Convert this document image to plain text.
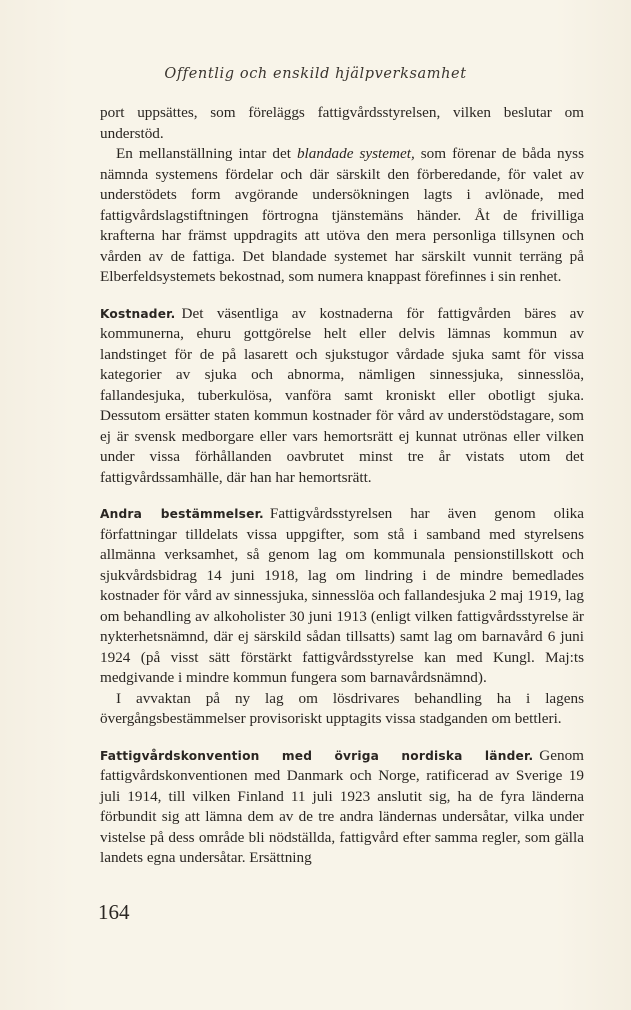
Offentlig och enskild hjälpverksamhet

port uppsättes, som föreläggs fattigvårdsstyrelsen, vilken beslutar om understöd.

En mellanställning intar det blandade systemet, som förenar de båda nyss nämnda systemens fördelar och där särskilt den förberedande, för valet av understödets form avgörande undersökningen lagts i avlönade, med fattigvårdslagstiftningen förtrogna tjänstemäns händer. Åt de frivilliga krafterna har främst uppdragits att utöva den mera personliga tillsynen och vården av de fattiga. Det blandade systemet har särskilt vunnit terräng på Elberfeldsystemets bekostnad, som numera knappast förefinnes i sin renhet.

Kostnader. Det väsentliga av kostnaderna för fattigvården bäres av kommunerna, ehuru gottgörelse helt eller delvis lämnas kommun av landstinget för de på lasarett och sjukstugor vårdade sjuka samt för vissa kategorier av sjuka och abnorma, nämligen sinnessjuka, sinnesslöa, fallandesjuka, tuberkulösa, vanföra samt kroniskt eller obotligt sjuka. Dessutom ersätter staten kommun kostnader för vård av understödstagare, som ej är svensk medborgare eller vars hemortsrätt ej kunnat utrönas eller vilken under vissa förhållanden oavbrutet minst tre år vistats utom det fattigvårdssamhälle, där han har hemortsrätt.

Andra bestämmelser. Fattigvårdsstyrelsen har även genom olika författningar tilldelats vissa uppgifter, som stå i samband med styrelsens allmänna verksamhet, så genom lag om kommunala pensionstillskott och sjukvårdsbidrag 14 juni 1918, lag om lindring i de mindre bemedlades kostnader för vård av sinnessjuka, sinnesslöa och fallandesjuka 2 maj 1919, lag om behandling av alkoholister 30 juni 1913 (enligt vilken fattigvårdsstyrelse är nykterhetsnämnd, där ej särskild sådan tillsatts) samt lag om barnavård 6 juni 1924 (på visst sätt förstärkt fattigvårdsstyrelse kan med Kungl. Maj:ts medgivande i mindre kommun fungera som barnavårdsnämnd).

I avvaktan på ny lag om lösdrivares behandling ha i lagens övergångsbestämmelser provisoriskt upptagits vissa stadganden om bettleri.

Fattigvårdskonvention med övriga nordiska länder. Genom fattigvårdskonventionen med Danmark och Norge, ratificerad av Sverige 19 juli 1914, till vilken Finland 11 juli 1923 anslutit sig, ha de fyra länderna förbundit sig att lämna dem av de tre andra ländernas undersåtar, vilka under vistelse på dess område bli nödställda, fattigvård efter samma regler, som gälla landets egna undersåtar. Ersättning

164
